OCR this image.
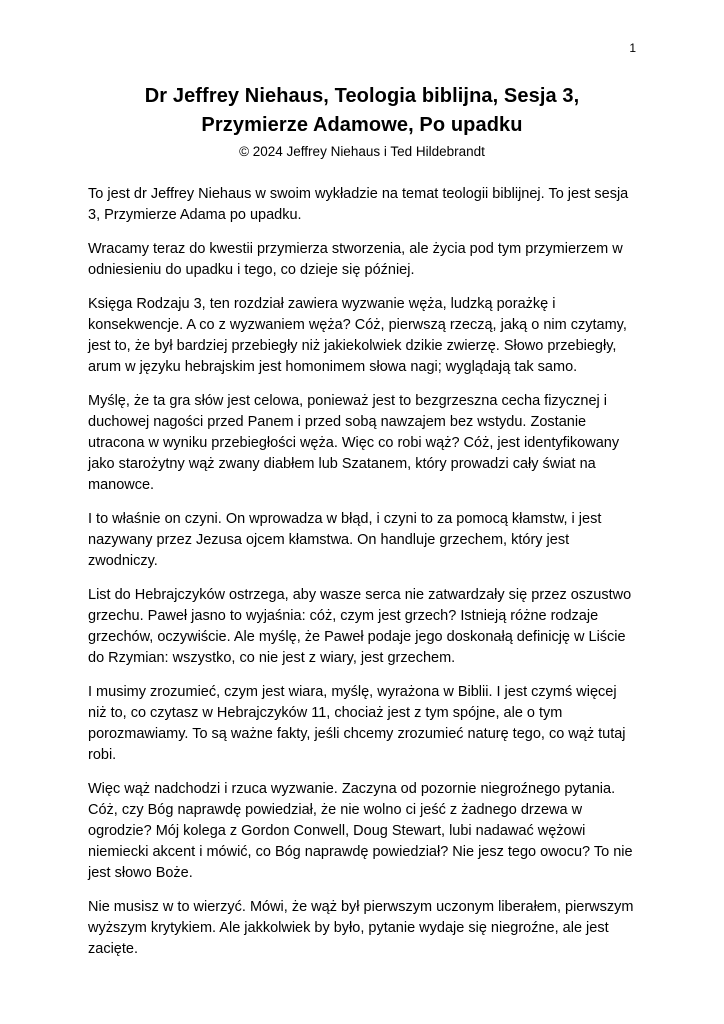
1
Dr Jeffrey Niehaus, Teologia biblijna, Sesja 3,
Przymierze Adamowe, Po upadku
© 2024 Jeffrey Niehaus i Ted Hildebrandt

To jest dr Jeffrey Niehaus w swoim wykładzie na temat teologii biblijnej. To jest sesja 3, Przymierze Adama po upadku.

Wracamy teraz do kwestii przymierza stworzenia, ale życia pod tym przymierzem w odniesieniu do upadku i tego, co dzieje się później.

Księga Rodzaju 3, ten rozdział zawiera wyzwanie węża, ludzką porażkę i konsekwencje. A co z wyzwaniem węża? Cóż, pierwszą rzeczą, jaką o nim czytamy, jest to, że był bardziej przebiegły niż jakiekolwiek dzikie zwierzę. Słowo przebiegły, arum w języku hebrajskim jest homonimem słowa nagi; wyglądają tak samo.

Myślę, że ta gra słów jest celowa, ponieważ jest to bezgrzeszna cecha fizycznej i duchowej nagości przed Panem i przed sobą nawzajem bez wstydu. Zostanie utracona w wyniku przebiegłości węża. Więc co robi wąż? Cóż, jest identyfikowany jako starożytny wąż zwany diabłem lub Szatanem, który prowadzi cały świat na manowce.

I to właśnie on czyni. On wprowadza w błąd, i czyni to za pomocą kłamstw, i jest nazywany przez Jezusa ojcem kłamstwa. On handluje grzechem, który jest zwodniczy.

List do Hebrajczyków ostrzega, aby wasze serca nie zatwardzały się przez oszustwo grzechu. Paweł jasno to wyjaśnia: cóż, czym jest grzech? Istnieją różne rodzaje grzechów, oczywiście. Ale myślę, że Paweł podaje jego doskonałą definicję w Liście do Rzymian: wszystko, co nie jest z wiary, jest grzechem.

I musimy zrozumieć, czym jest wiara, myślę, wyrażona w Biblii. I jest czymś więcej niż to, co czytasz w Hebrajczyków 11, chociaż jest z tym spójne, ale o tym porozmawiamy. To są ważne fakty, jeśli chcemy zrozumieć naturę tego, co wąż tutaj robi.

Więc wąż nadchodzi i rzuca wyzwanie. Zaczyna od pozornie niegroźnego pytania. Cóż, czy Bóg naprawdę powiedział, że nie wolno ci jeść z żadnego drzewa w ogrodzie? Mój kolega z Gordon Conwell, Doug Stewart, lubi nadawać wężowi niemiecki akcent i mówić, co Bóg naprawdę powiedział? Nie jesz tego owocu? To nie jest słowo Boże.

Nie musisz w to wierzyć. Mówi, że wąż był pierwszym uczonym liberałem, pierwszym wyższym krytykiem. Ale jakkolwiek by było, pytanie wydaje się niegroźne, ale jest zacięte.
